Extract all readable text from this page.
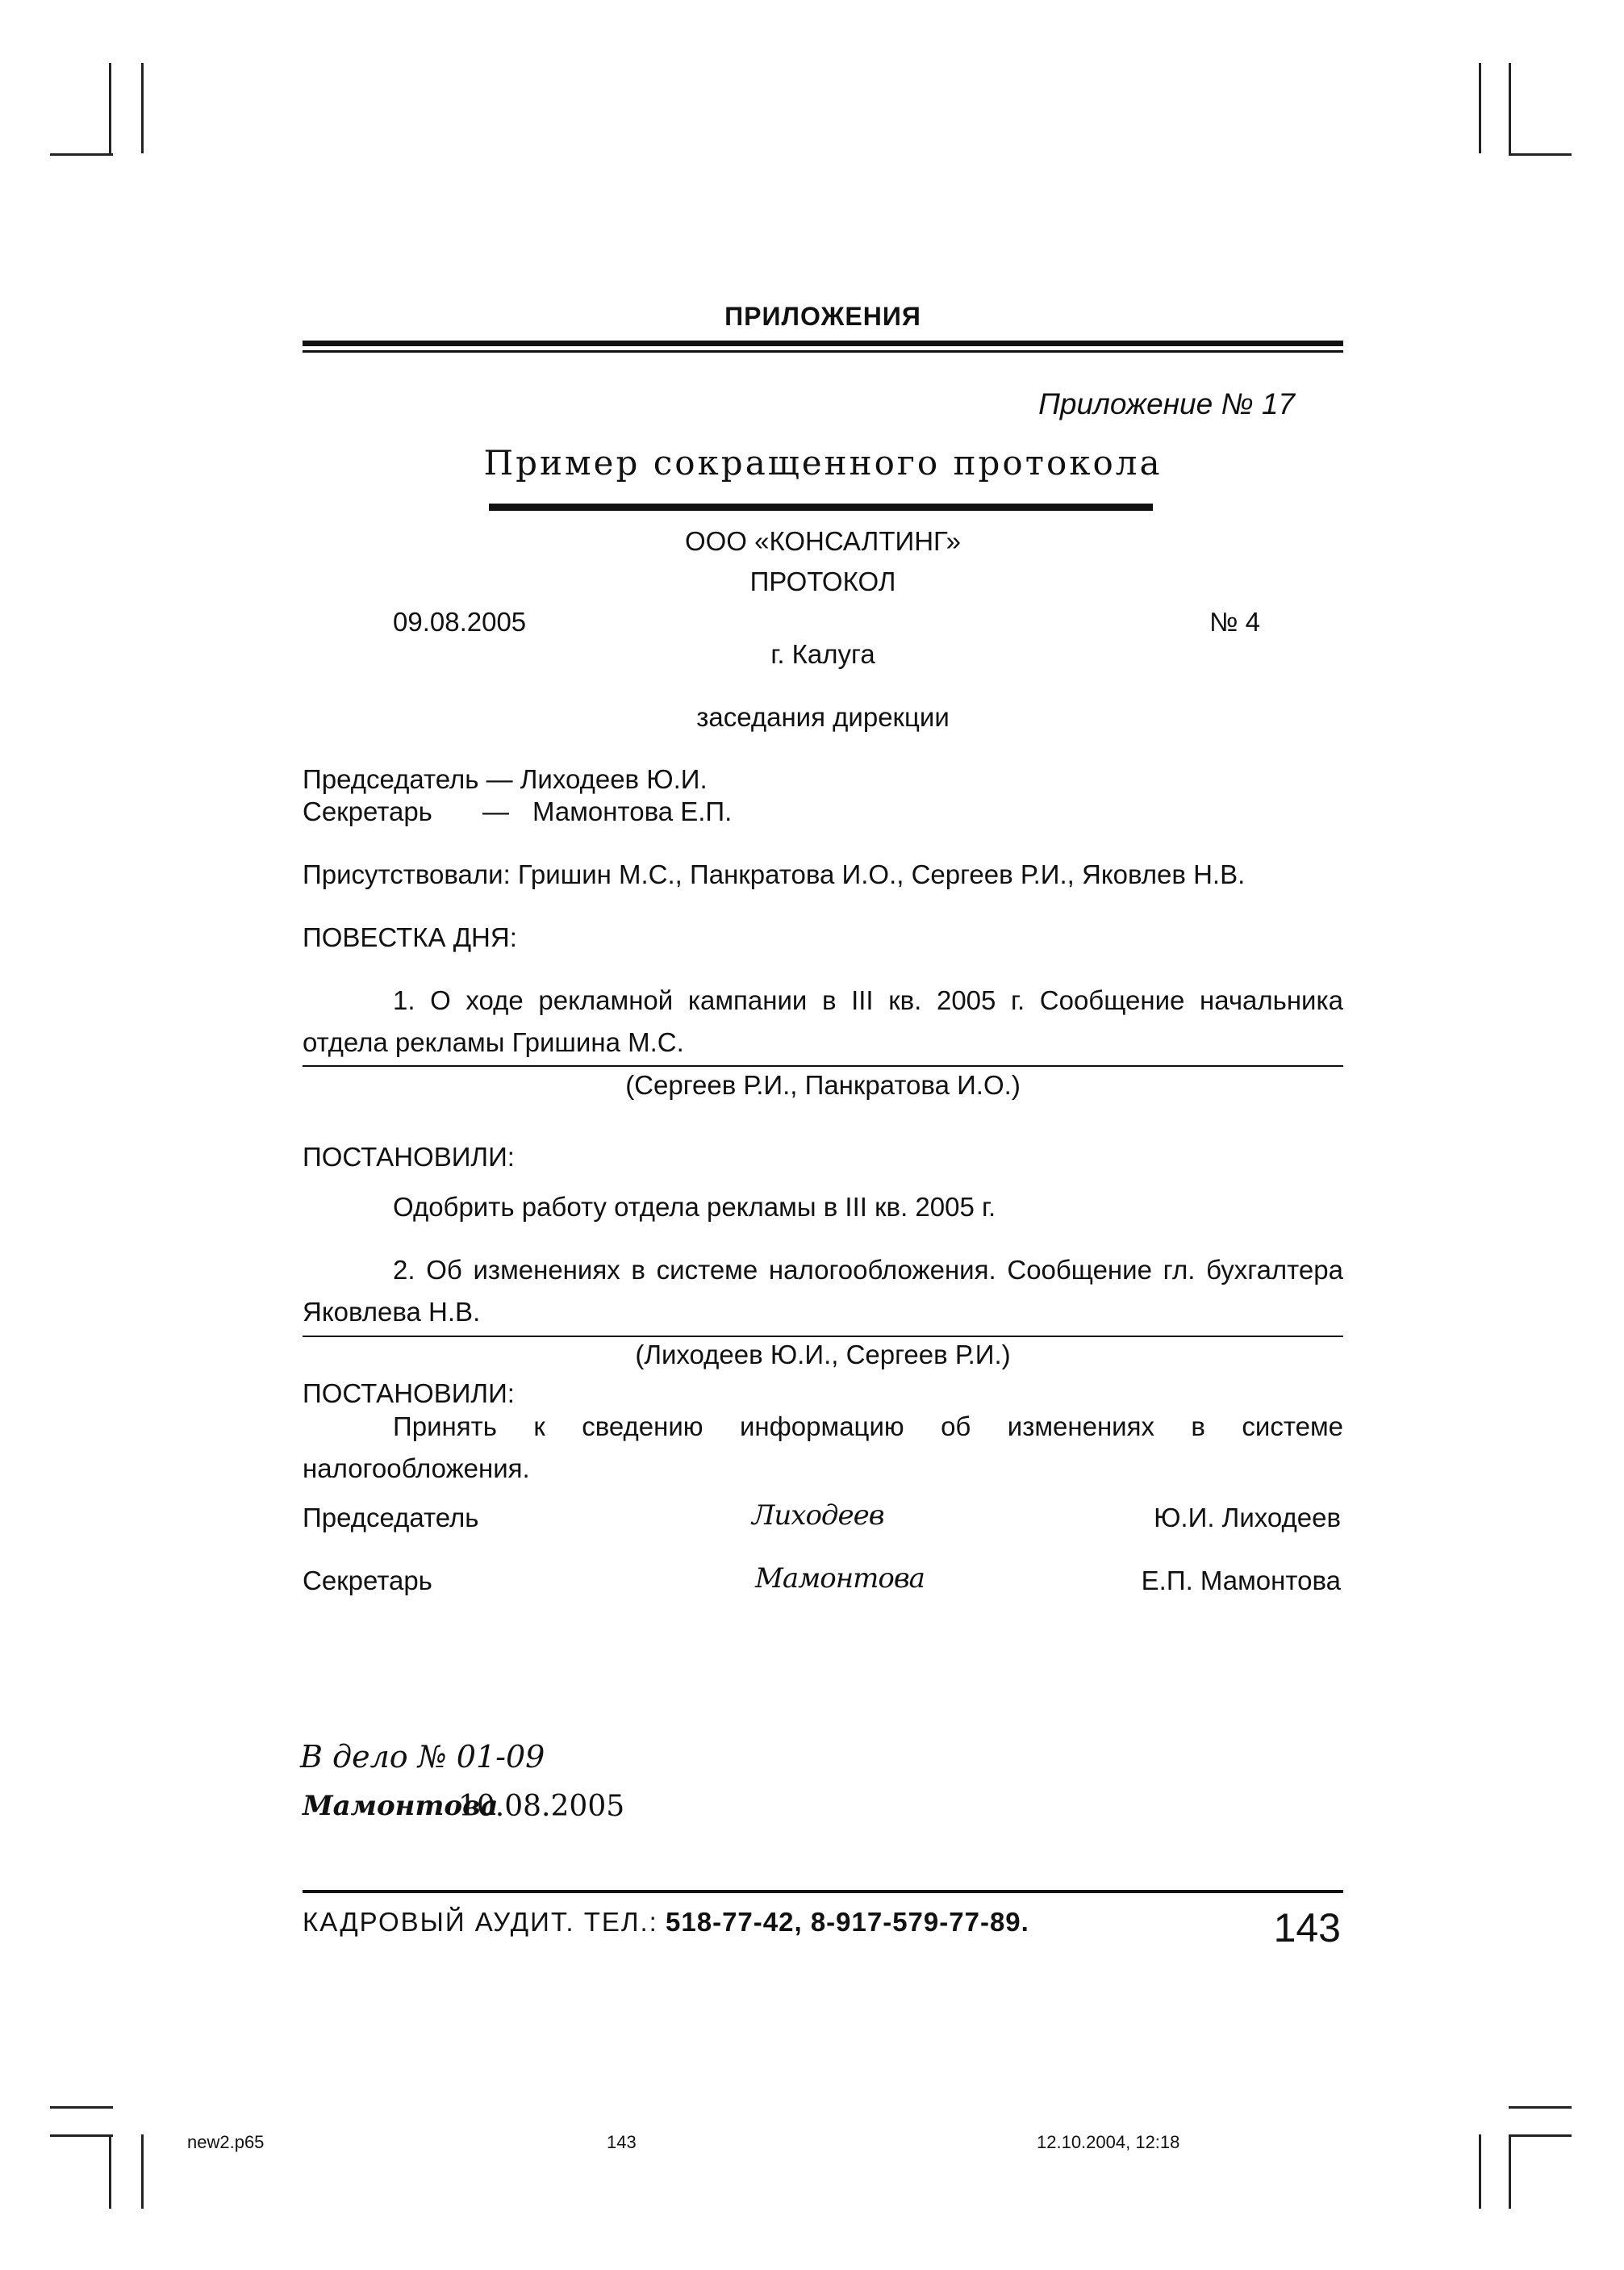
ПРИЛОЖЕНИЯ
Приложение № 17
Пример сокращенного протокола
ООО «КОНСАЛТИНГ»
ПРОТОКОЛ
09.08.2005	№ 4
г. Калуга
заседания дирекции
Председатель — Лиходеев Ю.И.
Секретарь — Мамонтова Е.П.
Присутствовали: Гришин М.С., Панкратова И.О., Сергеев Р.И., Яковлев Н.В.
ПОВЕСТКА ДНЯ:
1. О ходе рекламной кампании в III кв. 2005 г. Сообщение начальника отдела рекламы Гришина М.С.
(Сергеев Р.И., Панкратова И.О.)
ПОСТАНОВИЛИ:
Одобрить работу отдела рекламы в III кв. 2005 г.
2. Об изменениях в системе налогообложения. Сообщение гл. бухгалтера Яковлева Н.В.
(Лиходеев Ю.И., Сергеев Р.И.)
ПОСТАНОВИЛИ:
Принять к сведению информацию об изменениях в системе налогообложения.
Председатель	Лиходеев	Ю.И. Лиходеев
Секретарь	Мамонтова	Е.П. Мамонтова
В дело № 01-09
Мамонтова
10.08.2005
КАДРОВЫЙ АУДИТ. ТЕЛ.: 518-77-42, 8-917-579-77-89.	143
new2.p65	143	12.10.2004, 12:18
